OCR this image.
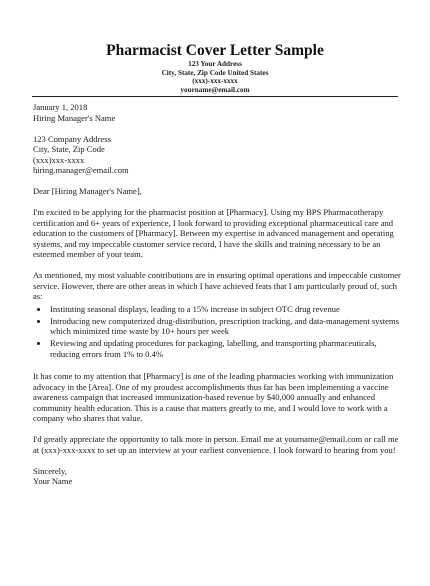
Pharmacist Cover Letter Sample
123 Your Address
City, State, Zip Code United States
(xxx)-xxx-xxxx
yourname@email.com

January 1, 2018

Hiring Manager's Name

123 Company Address

City, State, Zip Code

(xxx)xxx-xxxx

hiring.manager@email.com

Dear [Hiring Manager's Name],

I'm excited to be applying for the pharmacist position at [Pharmacy]. Using my BPS Pharmacotherapy certification and 6+ years of experience, I look forward to providing exceptional pharmaceutical care and education to the customers of [Pharmacy]. Between my expertise in advanced management and operating systems, and my impeccable customer service record, I have the skills and training necessary to be an esteemed member of your team.

As mentioned, my most valuable contributions are in ensuring optimal operations and impeccable customer service. However, there are other areas in which I have achieved feats that I am particularly proud of, such as:

• Instituting seasonal displays, leading to a 15% increase in subject OTC drug revenue
• Introducing new computerized drug-distribution, prescription tracking, and data-management systems which minimized time waste by 10+ hours per week
• Reviewing and updating procedures for packaging, labelling, and transporting pharmaceuticals, reducing errors from 1% to 0.4%

It has come to my attention that [Pharmacy] is one of the leading pharmacies working with immunization advocacy in the [Area]. One of my proudest accomplishments thus far has been implementing a vaccine awareness campaign that increased immunization-based revenue by $40,000 annually and enhanced community health education. This is a cause that matters greatly to me, and I would love to work with a company who shares that value.

I'd greatly appreciate the opportunity to talk more in person. Email me at yourname@email.com or call me at (xxx)-xxx-xxxx to set up an interview at your earliest convenience. I look forward to hearing from you!

Sincerely,

Your Name
